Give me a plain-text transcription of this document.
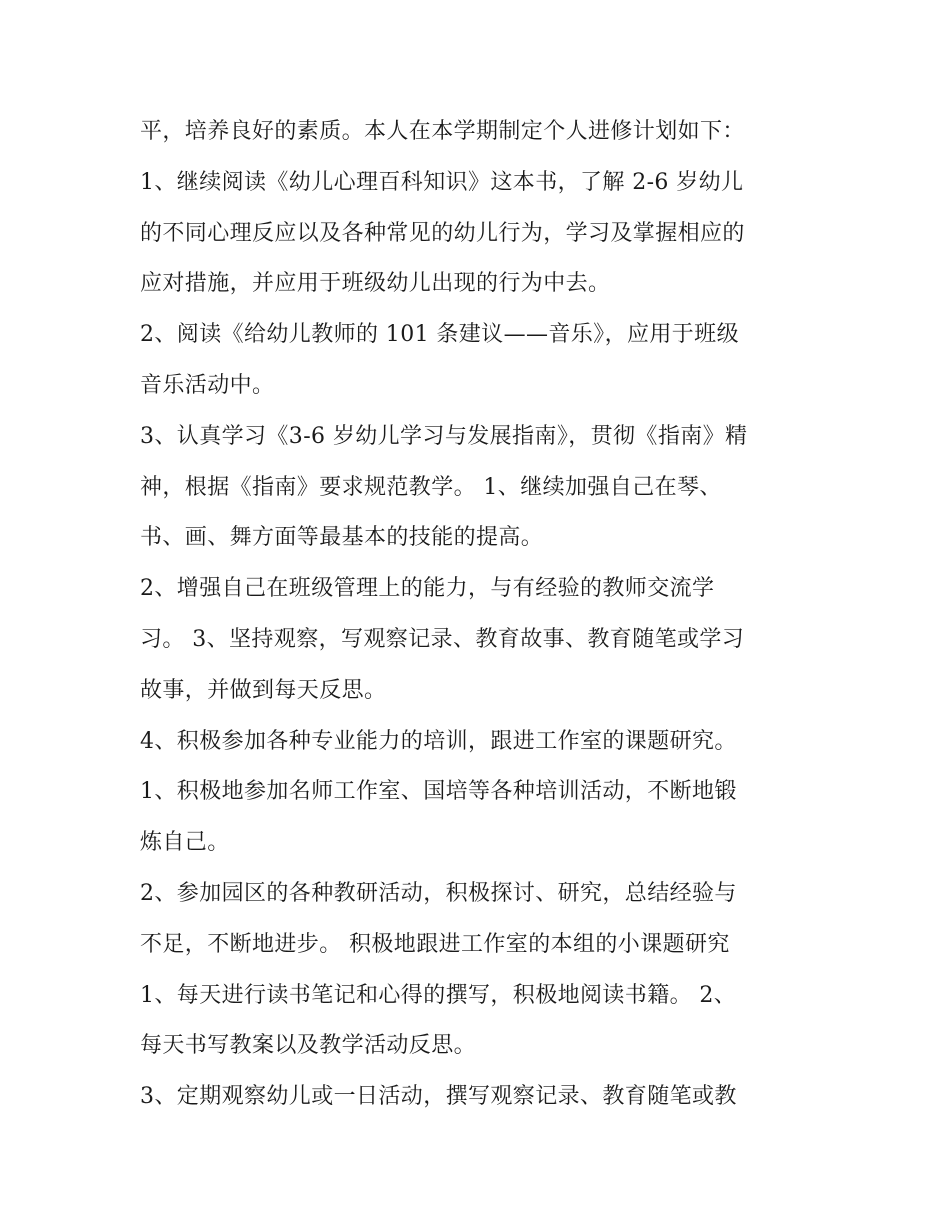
平，培养良好的素质。本人在本学期制定个人进修计划如下：
1、继续阅读《幼儿心理百科知识》这本书，了解 2-6 岁幼儿
的不同心理反应以及各种常见的幼儿行为，学习及掌握相应的
应对措施，并应用于班级幼儿出现的行为中去。
2、阅读《给幼儿教师的 101 条建议——音乐》，应用于班级
音乐活动中。
3、认真学习《3-6 岁幼儿学习与发展指南》，贯彻《指南》精
神，根据《指南》要求规范教学。 1、继续加强自己在琴、
书、画、舞方面等最基本的技能的提高。
2、增强自己在班级管理上的能力，与有经验的教师交流学
习。 3、坚持观察，写观察记录、教育故事、教育随笔或学习
故事，并做到每天反思。
4、积极参加各种专业能力的培训，跟进工作室的课题研究。
1、积极地参加名师工作室、国培等各种培训活动，不断地锻
炼自己。
2、参加园区的各种教研活动，积极探讨、研究，总结经验与
不足，不断地进步。 积极地跟进工作室的本组的小课题研究
1、每天进行读书笔记和心得的撰写，积极地阅读书籍。 2、
每天书写教案以及教学活动反思。
3、定期观察幼儿或一日活动，撰写观察记录、教育随笔或教
